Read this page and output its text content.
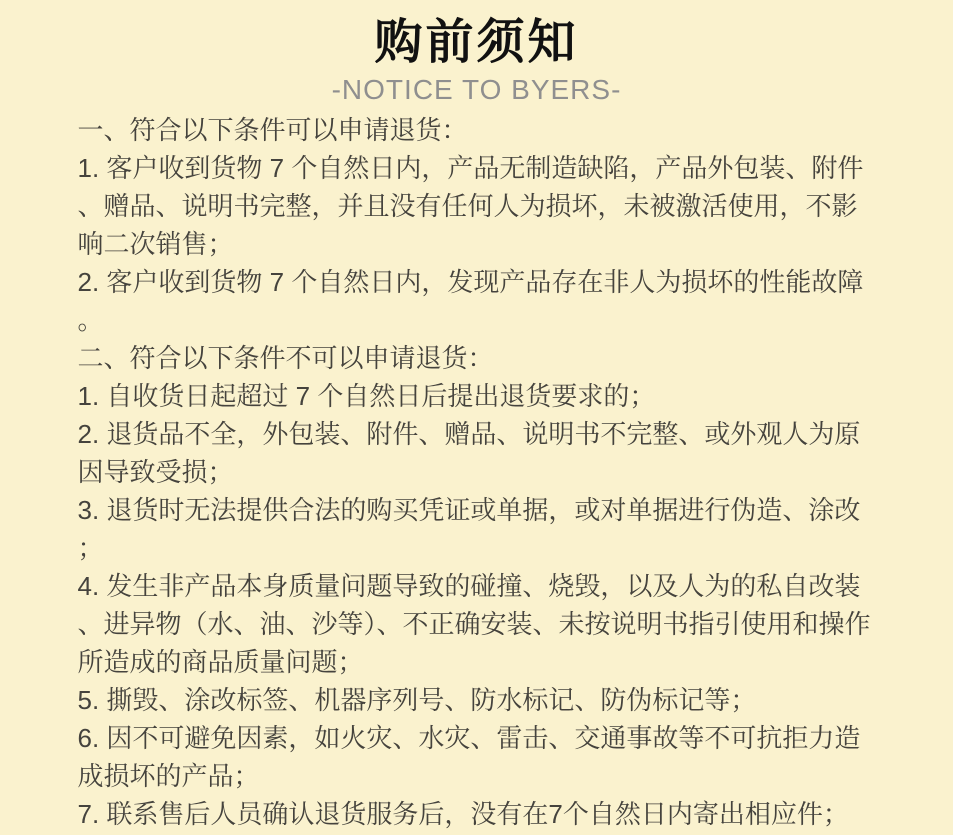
购前须知
-NOTICE TO BYERS-

一、符合以下条件可以申请退货：

1. 客户收到货物 7 个自然日内，产品无制造缺陷，产品外包装、附件、赠品、说明书完整，并且没有任何人为损坏，未被激活使用，不影响二次销售；

2. 客户收到货物 7 个自然日内，发现产品存在非人为损坏的性能故障。

二、符合以下条件不可以申请退货：

1. 自收货日起超过 7 个自然日后提出退货要求的；

2. 退货品不全，外包装、附件、赠品、说明书不完整、或外观人为原因导致受损；

3. 退货时无法提供合法的购买凭证或单据，或对单据进行伪造、涂改；

4. 发生非产品本身质量问题导致的碰撞、烧毁，以及人为的私自改装、进异物（水、油、沙等）、不正确安装、未按说明书指引使用和操作所造成的商品质量问题；

5. 撕毁、涂改标签、机器序列号、防水标记、防伪标记等；

6. 因不可避免因素，如火灾、水灾、雷击、交通事故等不可抗拒力造成损坏的产品；

7. 联系售后人员确认退货服务后，没有在7个自然日内寄出相应件；
